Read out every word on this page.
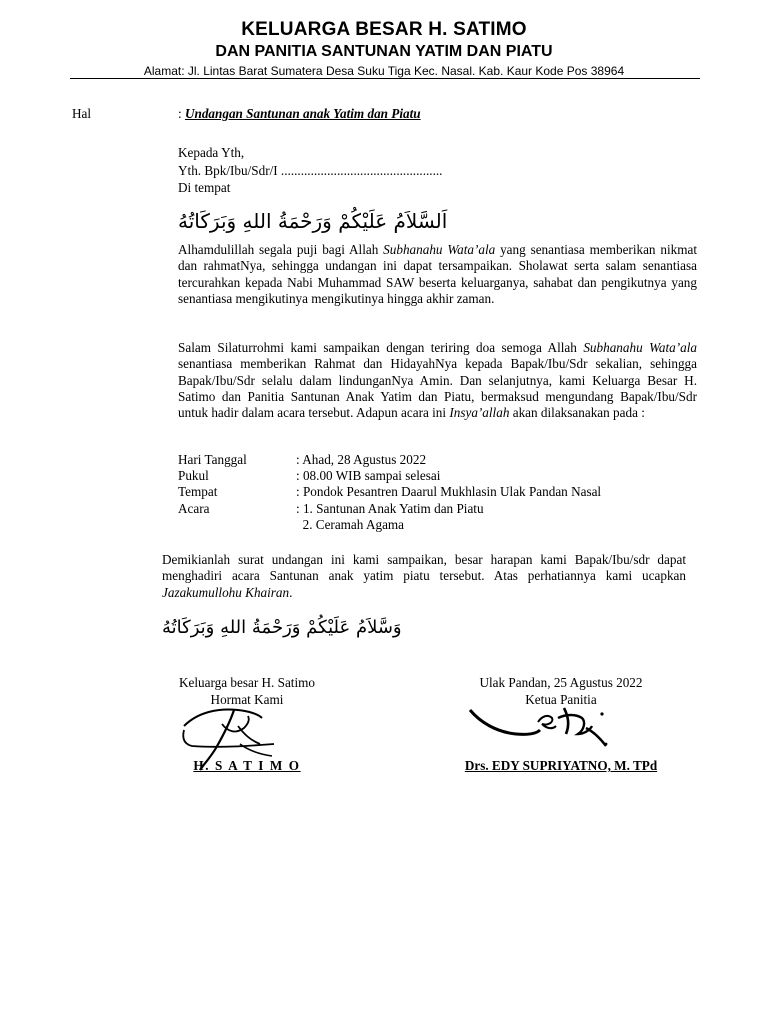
KELUARGA BESAR H. SATIMO
DAN PANITIA SANTUNAN YATIM DAN PIATU
Alamat: Jl. Lintas Barat Sumatera Desa Suku Tiga Kec. Nasal. Kab. Kaur Kode Pos 38964
Hal	: Undangan Santunan anak Yatim dan Piatu
Kepada Yth,
Yth. Bpk/Ibu/Sdr/I .................................................
Di tempat
اَلسَّلاَمُ عَلَيْكُمْ وَرَحْمَةُ اللهِ وَبَرَكَاتُهُ
Alhamdulillah segala puji bagi Allah Subhanahu Wata’ala yang senantiasa memberikan nikmat dan rahmatNya, sehingga undangan ini dapat tersampaikan. Sholawat serta salam senantiasa tercurahkan kepada Nabi Muhammad SAW beserta keluarganya, sahabat dan pengikutnya yang senantiasa mengikutinya mengikutinya hingga akhir zaman.
Salam Silaturrohmi kami sampaikan dengan teriring doa semoga Allah Subhanahu Wata’ala senantiasa memberikan Rahmat dan HidayahNya kepada Bapak/Ibu/Sdr sekalian, sehingga Bapak/Ibu/Sdr selalu dalam lindunganNya Amin. Dan selanjutnya, kami Keluarga Besar H. Satimo dan Panitia Santunan Anak Yatim dan Piatu, bermaksud mengundang Bapak/Ibu/Sdr untuk hadir dalam acara tersebut. Adapun acara ini Insya’allah akan dilaksanakan pada :
Hari Tanggal	: Ahad, 28 Agustus 2022
Pukul	: 08.00 WIB sampai selesai
Tempat	: Pondok Pesantren Daarul Mukhlasin Ulak Pandan Nasal
Acara	: 1. Santunan Anak Yatim dan Piatu
2. Ceramah Agama
Demikianlah surat undangan ini kami sampaikan, besar harapan kami Bapak/Ibu/sdr dapat menghadiri acara Santunan anak yatim piatu tersebut. Atas perhatiannya kami ucapkan Jazakumullohu Khairan.
وَسَّلاَمُ عَلَيْكُمْ وَرَحْمَةُ اللهِ وَبَرَكَاتُهُ
Keluarga besar H. Satimo
Hormat Kami
Ulak Pandan, 25 Agustus 2022
Ketua Panitia
H. S A T I M O	Drs. EDY SUPRIYATNO, M. TPd
